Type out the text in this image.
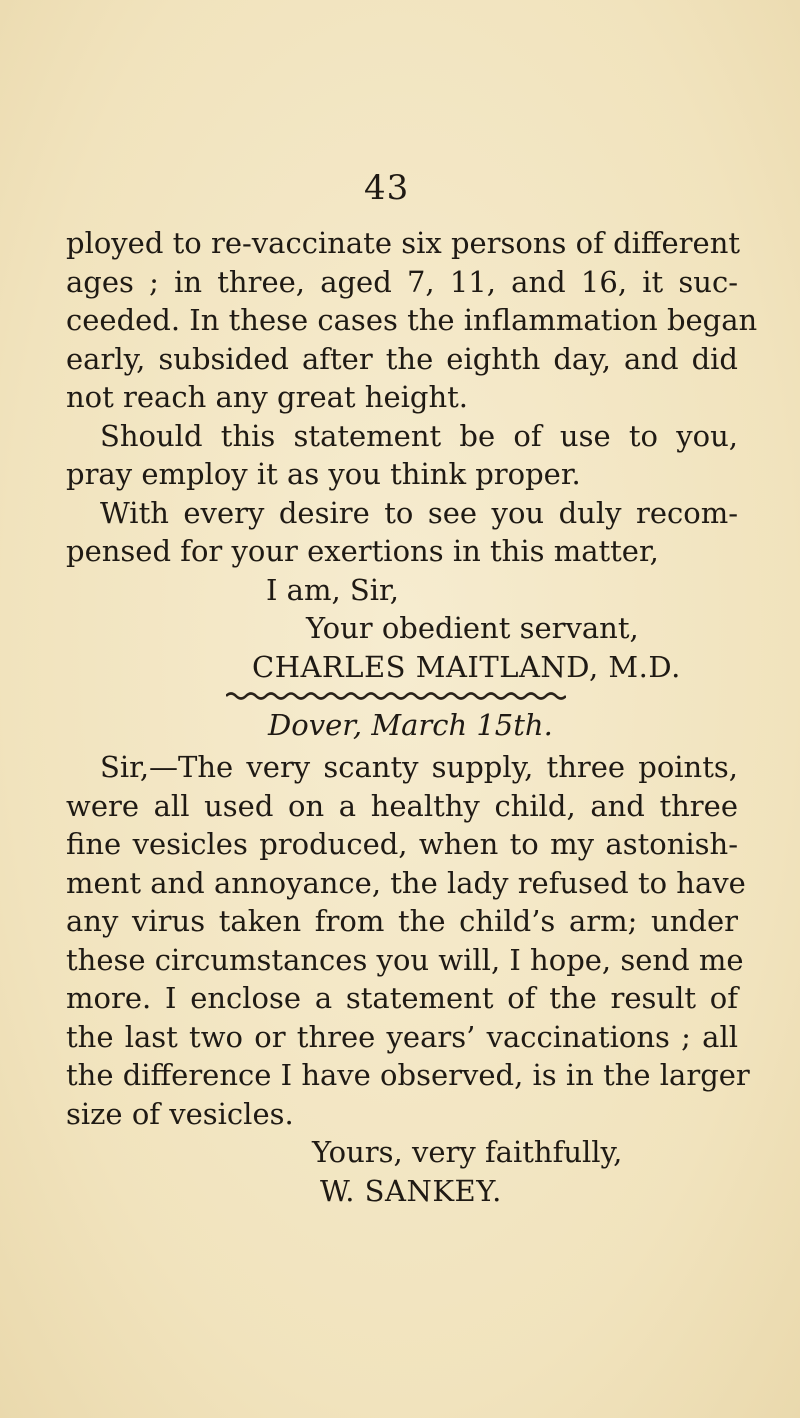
43
ployed to re-vaccinate six persons of different
ages ; in three, aged 7, 11, and 16, it suc-
ceeded. In these cases the inflammation began
early, subsided after the eighth day, and did
not reach any great height.
Should this statement be of use to you,
pray employ it as you think proper.
With every desire to see you duly recom-
pensed for your exertions in this matter,
I am, Sir,
Your obedient servant,
CHARLES MAITLAND, M.D.
Dover, March 15th.
Sir,—The very scanty supply, three points,
were all used on a healthy child, and three
fine vesicles produced, when to my astonish-
ment and annoyance, the lady refused to have
any virus taken from the child’s arm; under
these circumstances you will, I hope, send me
more. I enclose a statement of the result of
the last two or three years’ vaccinations ; all
the difference I have observed, is in the larger
size of vesicles.
Yours, very faithfully,
W. SANKEY.
